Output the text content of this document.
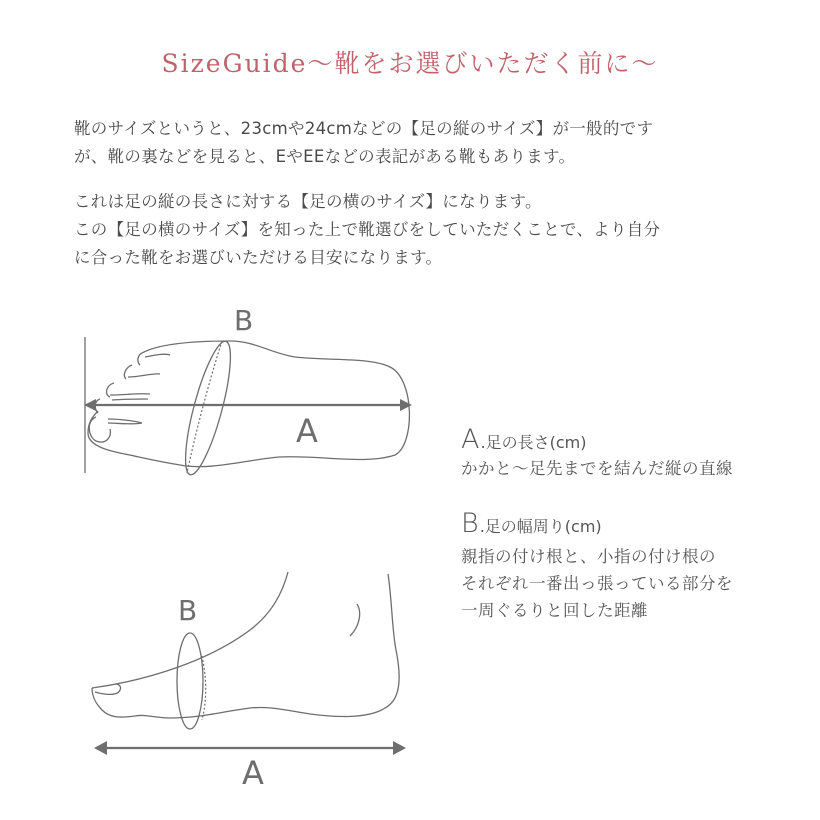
SizeGuide～靴をお選びいただく前に～
靴のサイズというと、23cmや24cmなどの【足の縦のサイズ】が一般的です
が、靴の裏などを見ると、EやEEなどの表記がある靴もあります。
これは足の縦の長さに対する【足の横のサイズ】になります。
この【足の横のサイズ】を知った上で靴選びをしていただくことで、より自分
に合った靴をお選びいただける目安になります。
A
B
A
B
A.足の長さ(cm)
かかと～足先までを結んだ縦の直線
B.足の幅周り(cm)
親指の付け根と、小指の付け根の
それぞれ一番出っ張っている部分を
一周ぐるりと回した距離
